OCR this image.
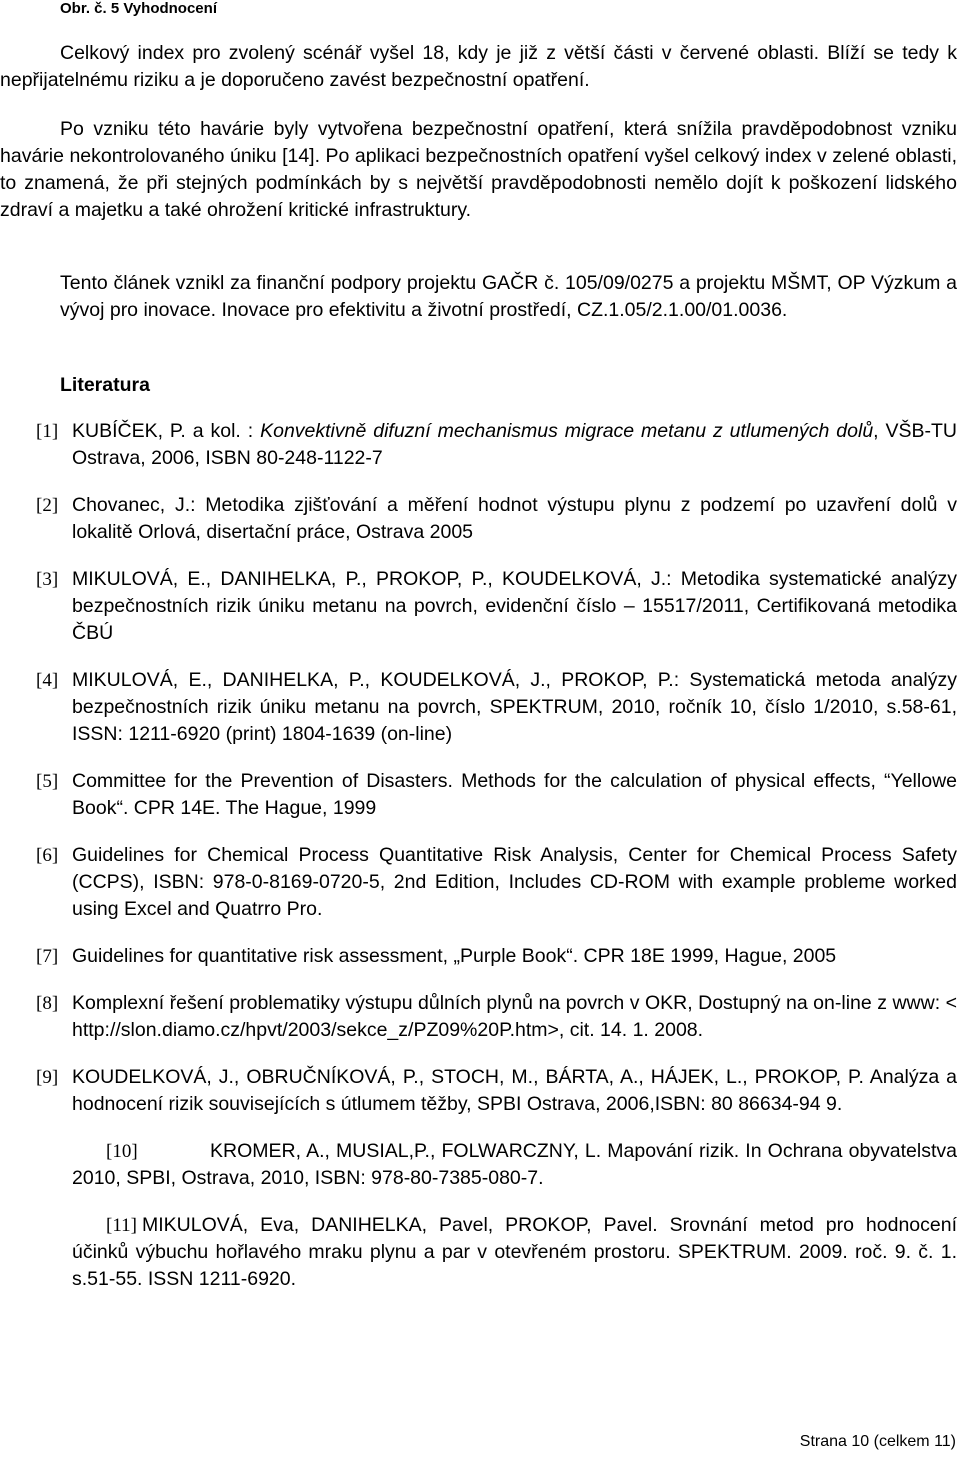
Obr. č. 5 Vyhodnocení
Celkový index pro zvolený scénář vyšel 18, kdy je již z větší části v červené oblasti. Blíží se tedy k nepřijatelnému riziku a je doporučeno zavést bezpečnostní opatření.
Po vzniku této havárie byly vytvořena bezpečnostní opatření, která snížila pravděpodobnost vzniku havárie nekontrolovaného úniku [14]. Po aplikaci bezpečnostních opatření vyšel celkový index v zelené oblasti, to znamená, že při stejných podmínkách by s největší pravděpodobnosti nemělo dojít k poškození lidského zdraví a majetku a také ohrožení kritické infrastruktury.
Tento článek vznikl za finanční podpory projektu GAČR č. 105/09/0275 a projektu MŠMT, OP Výzkum a vývoj pro inovace. Inovace pro efektivitu a životní prostředí, CZ.1.05/2.1.00/01.0036.
Literatura
[1] KUBÍČEK, P. a kol. : Konvektivně difuzní mechanismus migrace metanu z utlumených dolů, VŠB-TU Ostrava, 2006, ISBN 80-248-1122-7
[2] Chovanec, J.: Metodika zjišťování a měření hodnot výstupu plynu z podzemí po uzavření dolů v lokalitě Orlová, disertační práce, Ostrava 2005
[3] MIKULOVÁ, E., DANIHELKA, P., PROKOP, P., KOUDELKOVÁ, J.: Metodika systematické analýzy bezpečnostních rizik úniku metanu na povrch, evidenční číslo – 15517/2011, Certifikovaná metodika ČBÚ
[4] MIKULOVÁ, E., DANIHELKA, P., KOUDELKOVÁ, J., PROKOP, P.: Systematická metoda analýzy bezpečnostních rizik úniku metanu na povrch, SPEKTRUM, 2010, ročník 10, číslo 1/2010, s.58-61, ISSN: 1211-6920 (print) 1804-1639 (on-line)
[5] Committee for the Prevention of Disasters. Methods for the calculation of physical effects, “Yellowe Book“. CPR 14E. The Hague, 1999
[6] Guidelines for Chemical Process Quantitative Risk Analysis, Center for Chemical Process Safety (CCPS), ISBN: 978-0-8169-0720-5, 2nd Edition, Includes CD-ROM with example probleme worked using Excel and Quatrro Pro.
[7] Guidelines for quantitative risk assessment, „Purple Book“. CPR 18E 1999, Hague, 2005
[8] Komplexní řešení problematiky výstupu důlních plynů na povrch v OKR, Dostupný na on-line z www: < http://slon.diamo.cz/hpvt/2003/sekce_z/PZ09%20P.htm>, cit. 14. 1. 2008.
[9] KOUDELKOVÁ, J., OBRUČNÍKOVÁ, P., STOCH, M., BÁRTA, A., HÁJEK, L., PROKOP, P. Analýza a hodnocení rizik souvisejících s útlumem těžby, SPBI Ostrava, 2006,ISBN: 80 86634-94 9.
[10]	KROMER, A., MUSIAL,P., FOLWARCZNY, L. Mapování rizik. In Ochrana obyvatelstva 2010, SPBI, Ostrava, 2010, ISBN: 978-80-7385-080-7.
[11] MIKULOVÁ, Eva, DANIHELKA, Pavel, PROKOP, Pavel. Srovnání metod pro hodnocení účinků výbuchu hořlavého mraku plynu a par v otevřeném prostoru. SPEKTRUM. 2009. roč. 9. č. 1. s.51-55. ISSN 1211-6920.
Strana 10 (celkem 11)
